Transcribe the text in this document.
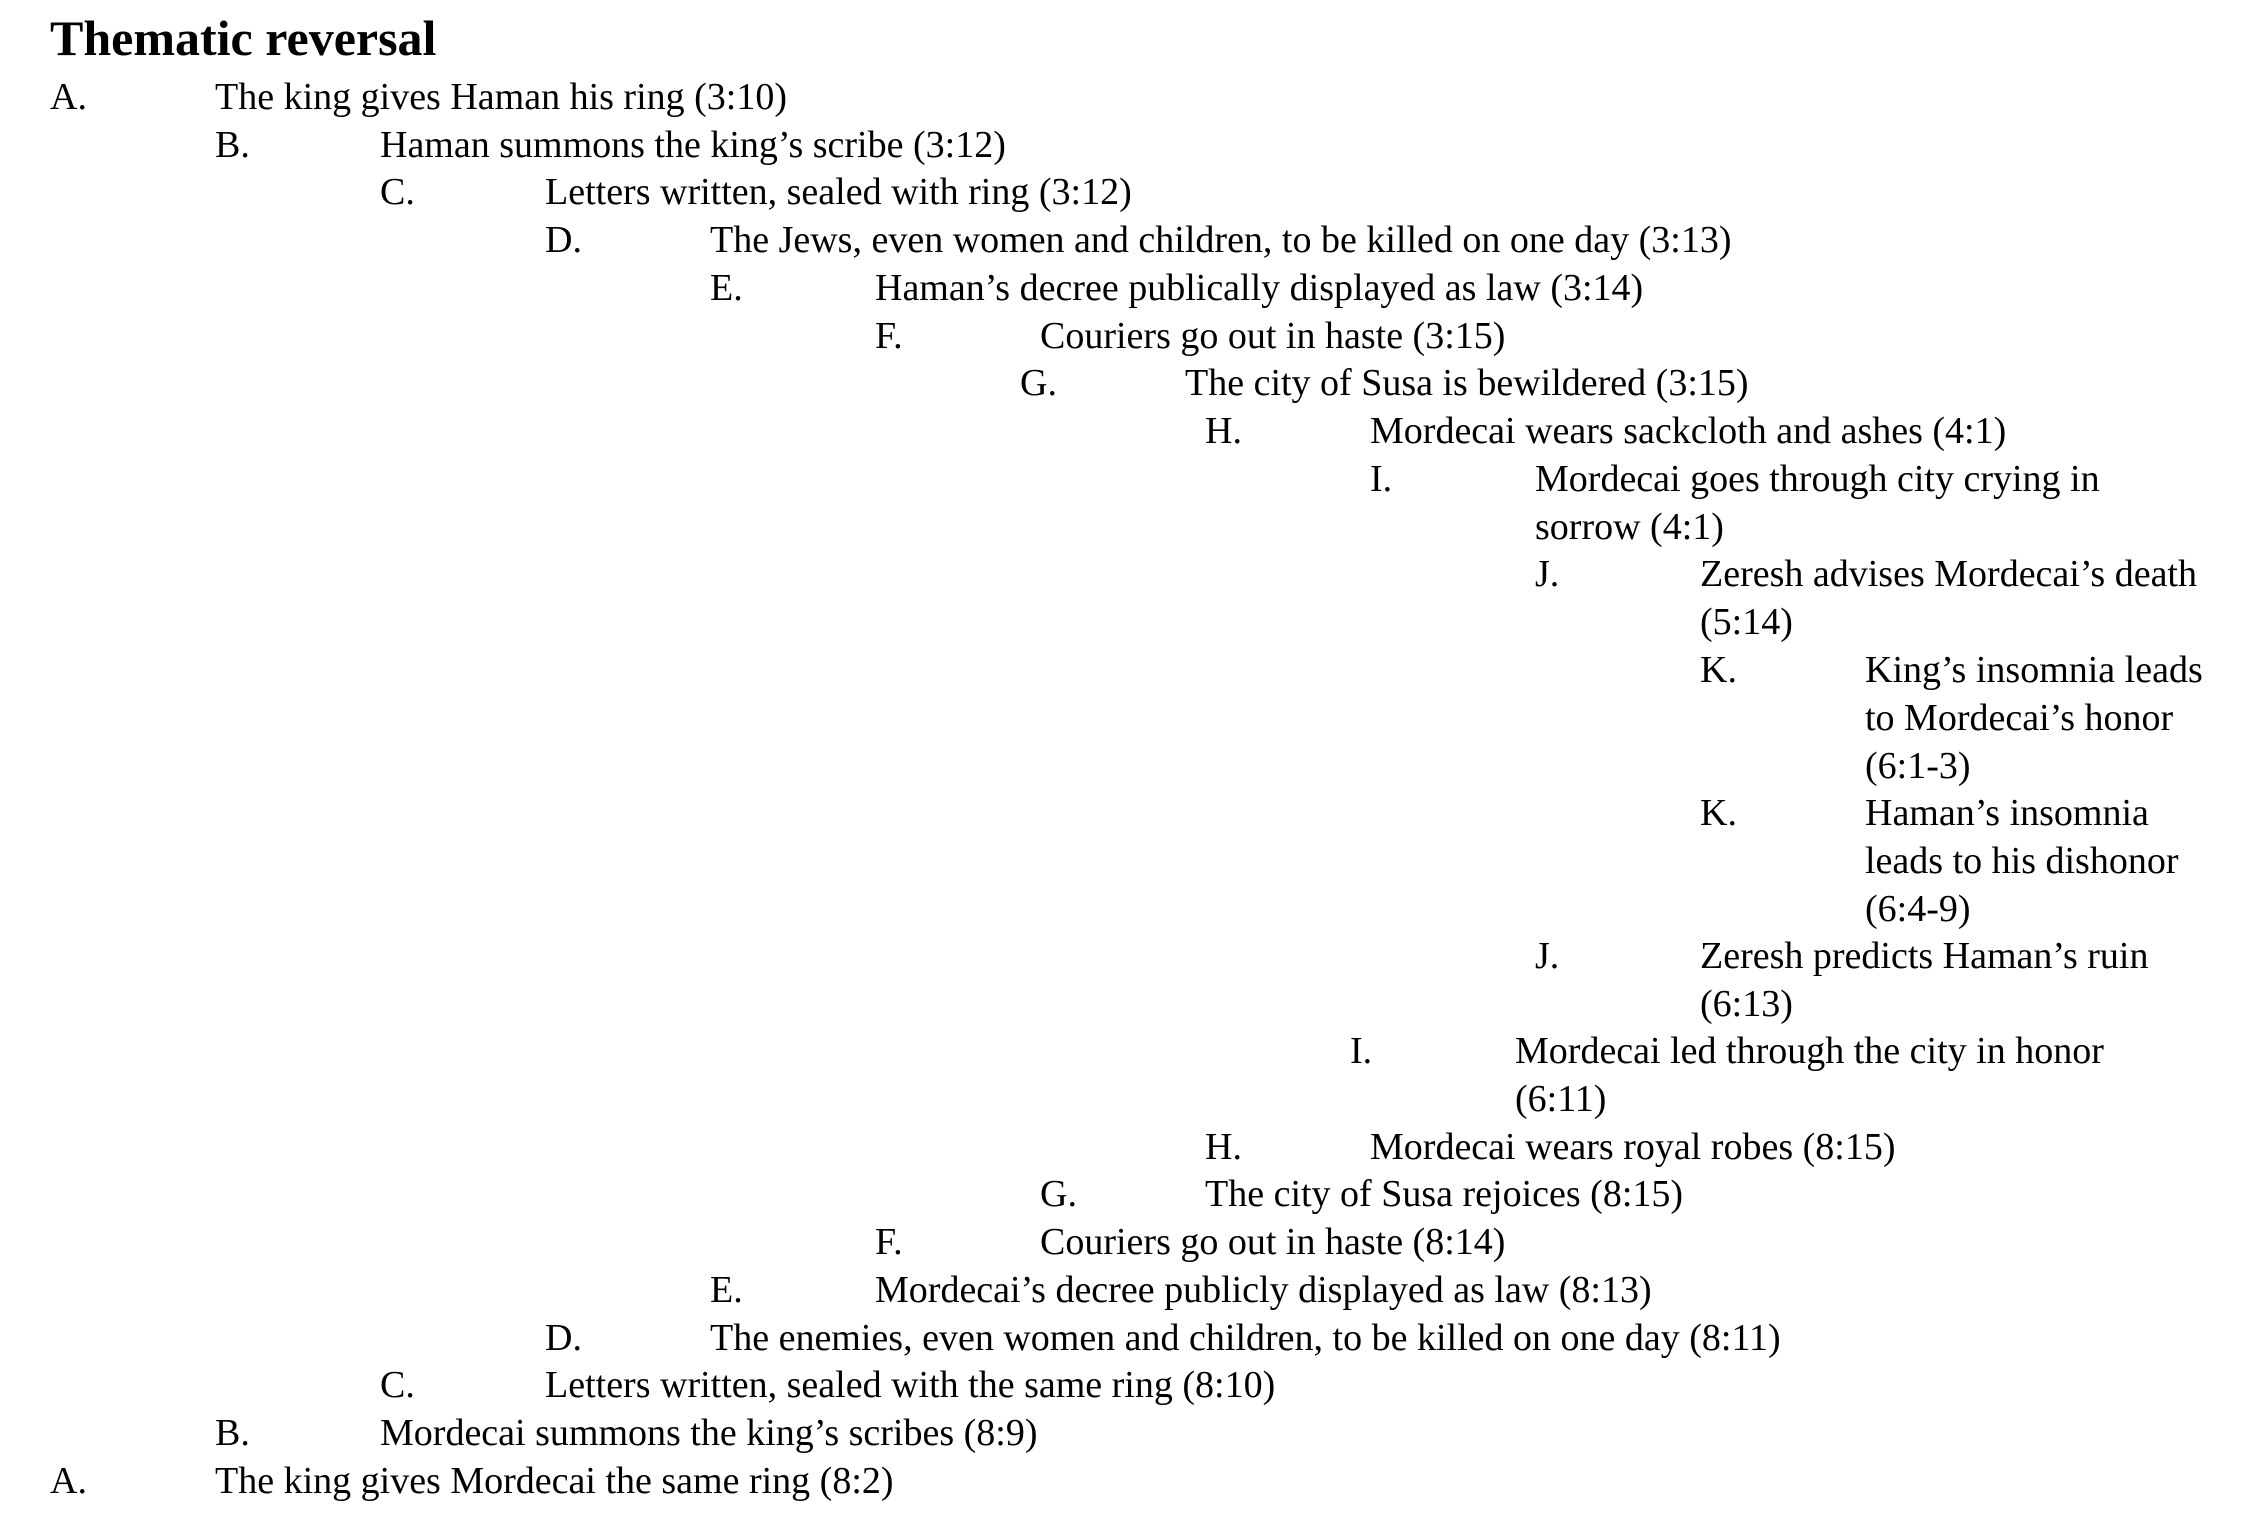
Thematic reversal
A.	The king gives Haman his ring (3:10)
B.	Haman summons the king’s scribe (3:12)
C.	Letters written, sealed with ring (3:12)
D.	The Jews, even women and children, to be killed on one day (3:13)
E.	Haman’s decree publically displayed as law (3:14)
F.	Couriers go out in haste (3:15)
G.	The city of Susa is bewildered (3:15)
H.	Mordecai wears sackcloth and ashes (4:1)
I.	Mordecai goes through city crying in sorrow (4:1)
J.	Zeresh advises Mordecai’s death (5:14)
K.	King’s insomnia leads to Mordecai’s honor (6:1-3)
K.	Haman’s insomnia leads to his dishonor (6:4-9)
J.	Zeresh predicts Haman’s ruin (6:13)
I.	Mordecai led through the city in honor (6:11)
H.	Mordecai wears royal robes (8:15)
G.	The city of Susa rejoices (8:15)
F.	Couriers go out in haste (8:14)
E.	Mordecai’s decree publicly displayed as law (8:13)
D.	The enemies, even women and children, to be killed on one day (8:11)
C.	Letters written, sealed with the same ring (8:10)
B.	Mordecai summons the king’s scribes (8:9)
A.	The king gives Mordecai the same ring (8:2)
